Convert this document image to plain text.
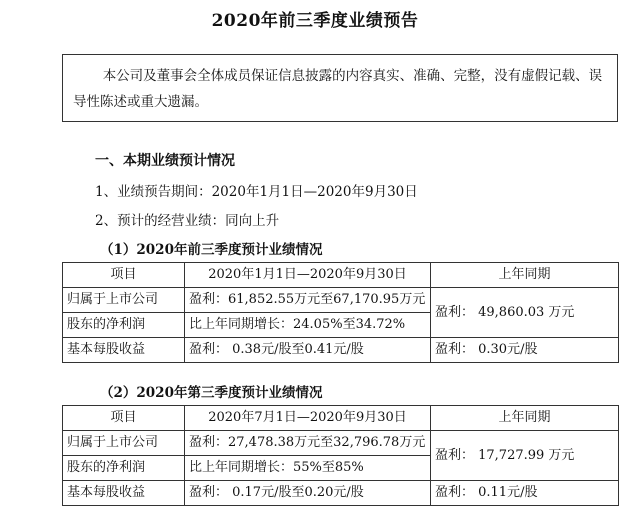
2020年前三季度业绩预告

本公司及董事会全体成员保证信息披露的内容真实、准确、完整，没有虚假记载、误导性陈述或重大遗漏。

一、本期业绩预计情况
1、业绩预告期间：2020年1月1日—2020年9月30日
2、预计的经营业绩：同向上升
（1）2020年前三季度预计业绩情况
项目	2020年1月1日—2020年9月30日	上年同期
归属于上市公司	盈利：61,852.55万元至67,170.95万元	盈利： 49,860.03 万元
股东的净利润	比上年同期增长：24.05%至34.72%	
基本每股收益	盈利： 0.38元/股至0.41元/股	盈利： 0.30元/股
（2）2020年第三季度预计业绩情况
项目	2020年7月1日—2020年9月30日	上年同期
归属于上市公司	盈利：27,478.38万元至32,796.78万元	盈利： 17,727.99 万元
股东的净利润	比上年同期增长：55%至85%	
基本每股收益	盈利： 0.17元/股至0.20元/股	盈利： 0.11元/股
